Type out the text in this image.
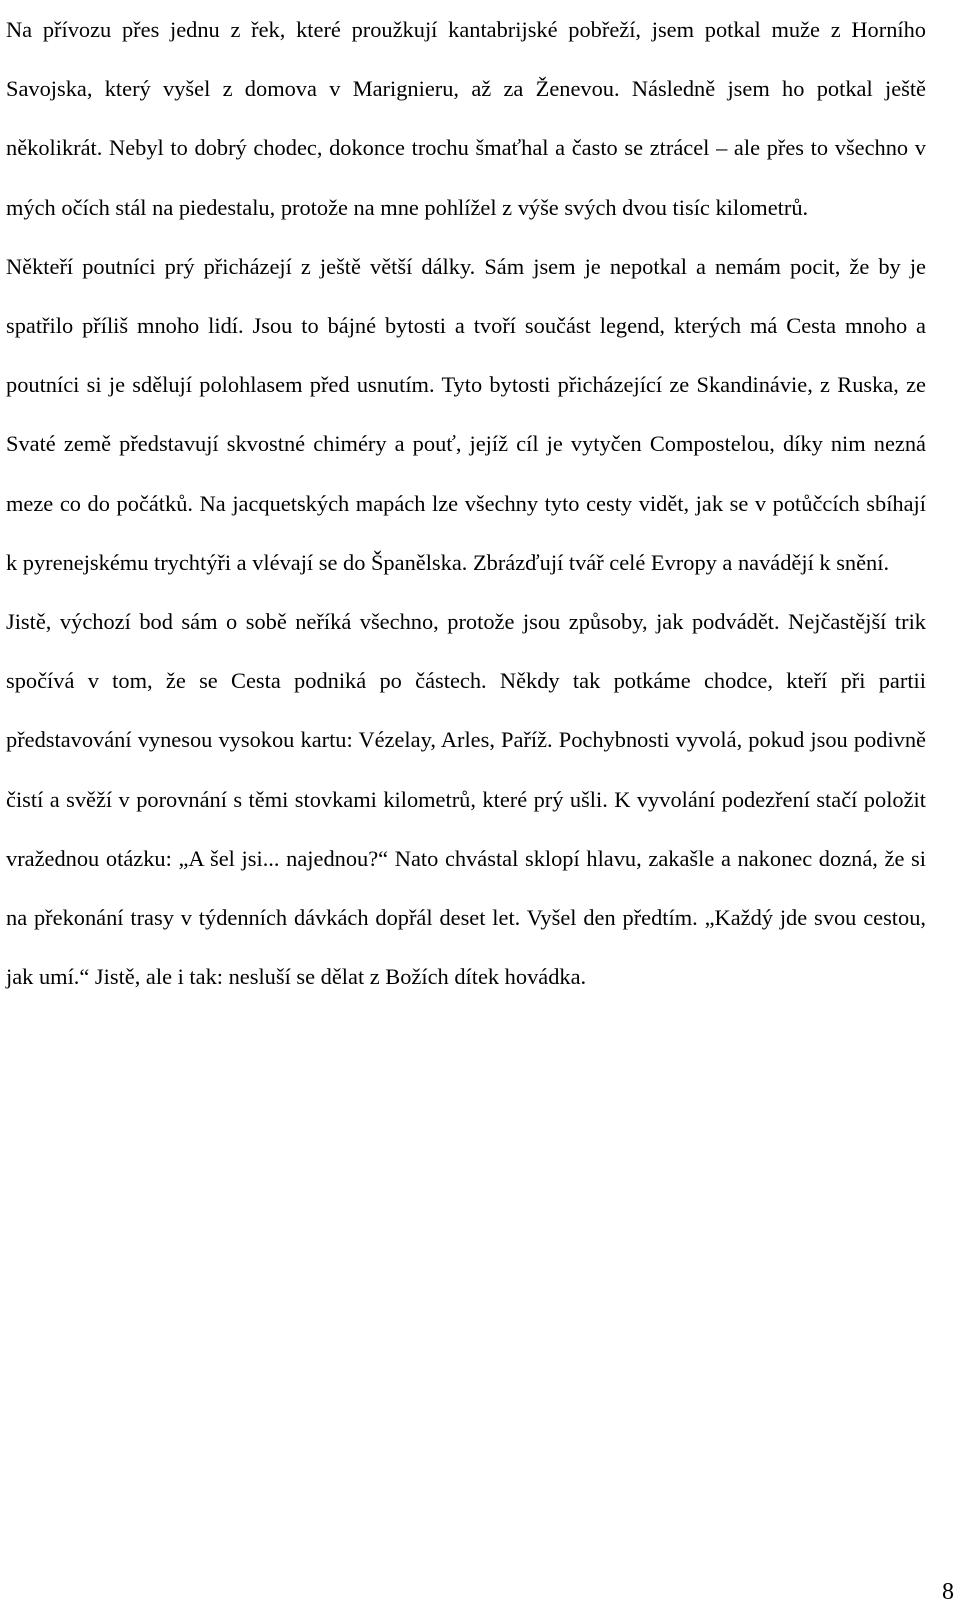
Na přívozu přes jednu z řek, které proužkují kantabrijské pobřeží, jsem potkal muže z Horního Savojska, který vyšel z domova v Marignieru, až za Ženevou. Následně jsem ho potkal ještě několikrát. Nebyl to dobrý chodec, dokonce trochu šmaťhal a často se ztrácel – ale přes to všechno v mých očích stál na piedestalu, protože na mne pohlížel z výše svých dvou tisíc kilometrů.

Někteří poutníci prý přicházejí z ještě větší dálky. Sám jsem je nepotkal a nemám pocit, že by je spatřilo příliš mnoho lidí. Jsou to bájné bytosti a tvoří součást legend, kterých má Cesta mnoho a poutníci si je sdělují polohlasem před usnutím. Tyto bytosti přicházející ze Skandinávie, z Ruska, ze Svaté země představují skvostné chiméry a pouť, jejíž cíl je vytyčen Compostelou, díky nim nezná meze co do počátků. Na jacquetských mapách lze všechny tyto cesty vidět, jak se v potůčcích sbíhají k pyrenejskému trychtýři a vlévají se do Španělska. Zbrázďují tvář celé Evropy a navádějí k snění.

Jistě, výchozí bod sám o sobě neříká všechno, protože jsou způsoby, jak podvádět. Nejčastější trik spočívá v tom, že se Cesta podniká po částech. Někdy tak potkáme chodce, kteří při partii představování vynesou vysokou kartu: Vézelay, Arles, Paříž. Pochybnosti vyvolá, pokud jsou podivně čistí a svěží v porovnání s těmi stovkami kilometrů, které prý ušli. K vyvolání podezření stačí položit vražednou otázku: „A šel jsi... najednou?“ Nato chvástal sklopí hlavu, zakašle a nakonec dozná, že si na překonání trasy v týdenních dávkách dopřál deset let. Vyšel den předtím. „Každý jde svou cestou, jak umí.“ Jistě, ale i tak: nesluší se dělat z Božích dítek hovádka.

8
